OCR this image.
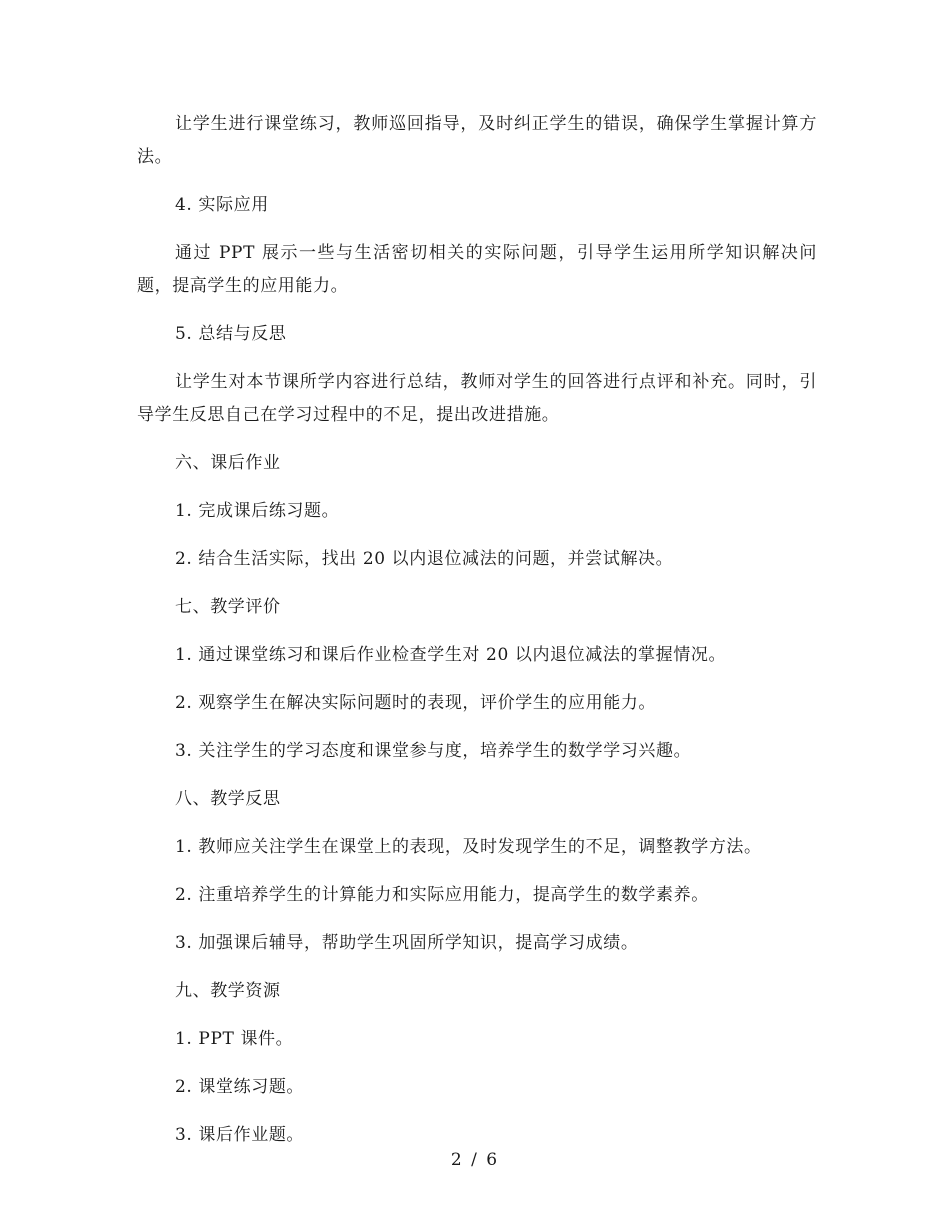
让学生进行课堂练习，教师巡回指导，及时纠正学生的错误，确保学生掌握计算方法。

4. 实际应用

通过 PPT 展示一些与生活密切相关的实际问题，引导学生运用所学知识解决问题，提高学生的应用能力。

5. 总结与反思

让学生对本节课所学内容进行总结，教师对学生的回答进行点评和补充。同时，引导学生反思自己在学习过程中的不足，提出改进措施。

六、课后作业
1. 完成课后练习题。
2. 结合生活实际，找出 20 以内退位减法的问题，并尝试解决。
七、教学评价
1. 通过课堂练习和课后作业检查学生对 20 以内退位减法的掌握情况。
2. 观察学生在解决实际问题时的表现，评价学生的应用能力。
3. 关注学生的学习态度和课堂参与度，培养学生的数学学习兴趣。
八、教学反思
1. 教师应关注学生在课堂上的表现，及时发现学生的不足，调整教学方法。
2. 注重培养学生的计算能力和实际应用能力，提高学生的数学素养。
3. 加强课后辅导，帮助学生巩固所学知识，提高学习成绩。
九、教学资源
1. PPT 课件。
2. 课堂练习题。
3. 课后作业题。
2 / 6
